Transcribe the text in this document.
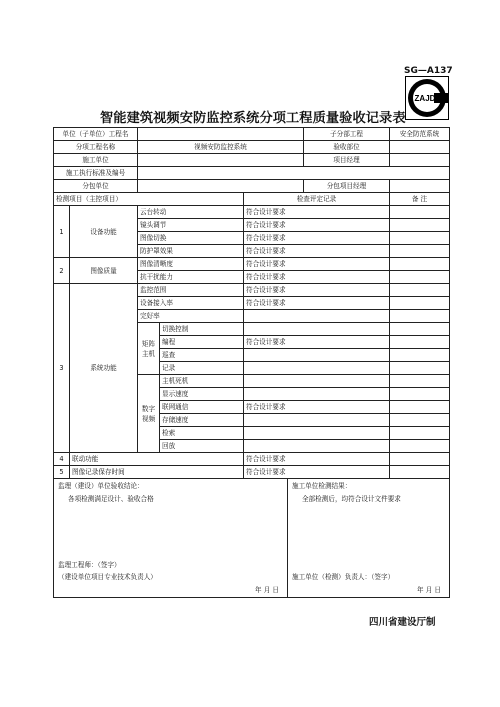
SG—A137
ZAJD
智能建筑视频安防监控系统分项工程质量验收记录表
单位（子单位）工程名						子分部工程	安全防范系统
分项工程名称		视频安防监控系统				验收部位	
施工单位						项目经理	
施工执行标准及编号							
分包单位						分包项目经理	
检测项目（主控项目）				检查评定记录			备 注
1	设备功能	云台转动		符合设计要求			
		镜头调节		符合设计要求			
		图像切换		符合设计要求			
		防护罩效果		符合设计要求			
2	图像质量	图像清晰度		符合设计要求			
		抗干扰能力		符合设计要求			
3	系统功能	监控范围		符合设计要求			
		设备接入率		符合设计要求			
		完好率					
		矩阵主机	切换控制				
			编程	符合设计要求			
			巡查				
			记录				
		数字视频	主机死机				
			显示速度				
			联网通信	符合设计要求			
			存储速度				
			检索				
			回放				
4	联动功能			符合设计要求			
5	图像记录保存时间			符合设计要求			

监理（建设）单位验收结论：
各项检测满足设计、验收合格
监理工程师：（签字）
（建设单位项目专业技术负责人）
年 月 日					施工单位检测结果：
全部检测后，均符合设计文件要求
施工单位（检测）负责人：（签字）
年 月 日		
四川省建设厅制
